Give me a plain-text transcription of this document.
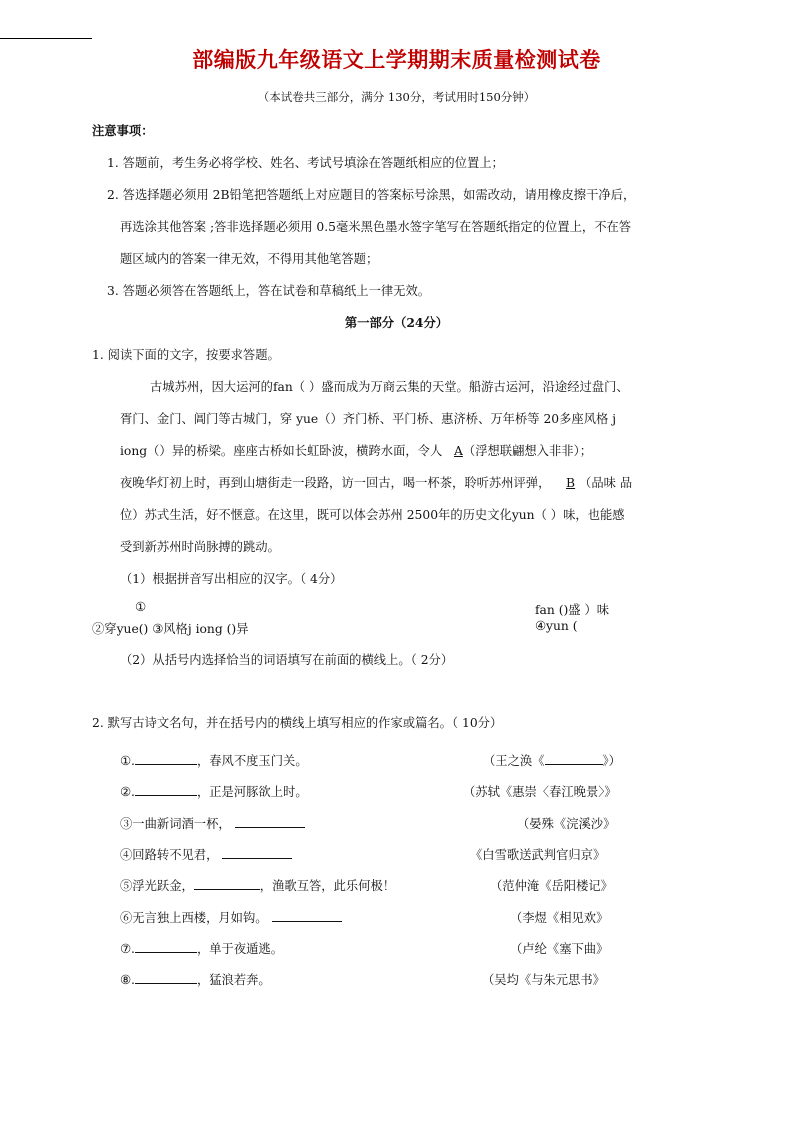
部编版九年级语文上学期期末质量检测试卷
（本试卷共三部分，满分 130分，考试用时150分钟）
注意事项：
1. 答题前，考生务必将学校、姓名、考试号填涂在答题纸相应的位置上；
2. 答选择题必须用 2B铅笔把答题纸上对应题目的答案标号涂黑，如需改动，请用橡皮擦干净后，
再选涂其他答案 ;答非选择题必须用 0.5毫米黑色墨水签字笔写在答题纸指定的位置上，不在答
题区域内的答案一律无效，不得用其他笔答题；
3. 答题必须答在答题纸上，答在试卷和草稿纸上一律无效。
第一部分（24分）
1. 阅读下面的文字，按要求答题。
古城苏州，因大运河的fan（ ）盛而成为万商云集的天堂。船游古运河，沿途经过盘门、
胥门、金门、阊门等古城门，穿 yue（）齐门桥、平门桥、惠济桥、万年桥等 20多座风格 j
iong（）异的桥梁。座座古桥如长虹卧波，横跨水面，令人 A（浮想联翩想入非非）；
夜晚华灯初上时，再到山塘街走一段路，访一回古，喝一杯茶，聆听苏州评弹， B （品味 品
位）苏式生活，好不惬意。在这里，既可以体会苏州 2500年的历史文化yun（ ）味，也能感
受到新苏州时尚脉搏的跳动。
（1）根据拼音写出相应的汉字。（ 4分）
①	fan ()盛 ）味
②穿yue() ③风格j iong ()异	④yun (
（2）从括号内选择恰当的词语填写在前面的横线上。（ 2分）
2. 默写古诗文名句，并在括号内的横线上填写相应的作家或篇名。（ 10分）
①.	，春风不度玉门关。	（王之涣《	》）
②.	，正是河豚欲上时。	（苏轼《惠崇〈春江晚景〉》
③一曲新词酒一杯，	（晏殊《浣溪沙》
④回路转不见君，	《白雪歌送武判官归京》
⑤浮光跃金，	，渔歌互答，此乐何极！	（范仲淹《岳阳楼记》
⑥无言独上西楼，月如钩。	（李煜《相见欢》
⑦.	，单于夜遁逃。	（卢纶《塞下曲》
⑧.	，猛浪若奔。	（吴均《与朱元思书》
